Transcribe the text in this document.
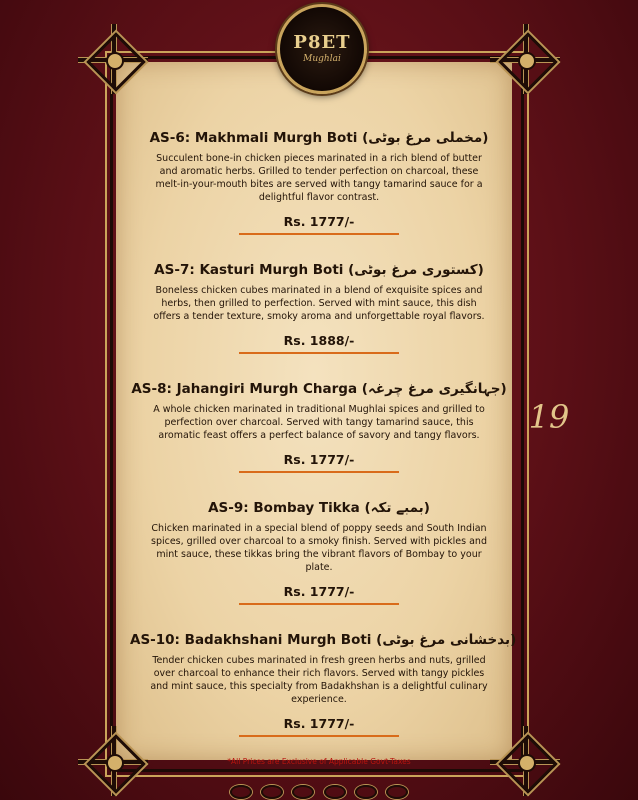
P8ET
Mughlai
19
AS-6: Makhmali Murgh Boti (مخملی مرغ بوٹی)
Succulent bone-in chicken pieces marinated in a rich blend of butter and aromatic herbs. Grilled to tender perfection on charcoal, these melt-in-your-mouth bites are served with tangy tamarind sauce for a delightful flavor contrast.
Rs. 1777/-
AS-7: Kasturi Murgh Boti (کستوری مرغ بوٹی)
Boneless chicken cubes marinated in a blend of exquisite spices and herbs, then grilled to perfection. Served with mint sauce, this dish offers a tender texture, smoky aroma and unforgettable royal flavors.
Rs. 1888/-
AS-8: Jahangiri Murgh Charga (جہانگیری مرغ چرغہ)
A whole chicken marinated in traditional Mughlai spices and grilled to perfection over charcoal. Served with tangy tamarind sauce, this aromatic feast offers a perfect balance of savory and tangy flavors.
Rs. 1777/-
AS-9: Bombay Tikka (بمبے تکہ)
Chicken marinated in a special blend of poppy seeds and South Indian spices, grilled over charcoal to a smoky finish. Served with pickles and mint sauce, these tikkas bring the vibrant flavors of Bombay to your plate.
Rs. 1777/-
AS-10: Badakhshani Murgh Boti (بدخشانی مرغ بوٹی)
Tender chicken cubes marinated in fresh green herbs and nuts, grilled over charcoal to enhance their rich flavors. Served with tangy pickles and mint sauce, this specialty from Badakhshan is a delightful culinary experience.
Rs. 1777/-
*All Prices are Exclusive of Applicable Govt-Taxes
